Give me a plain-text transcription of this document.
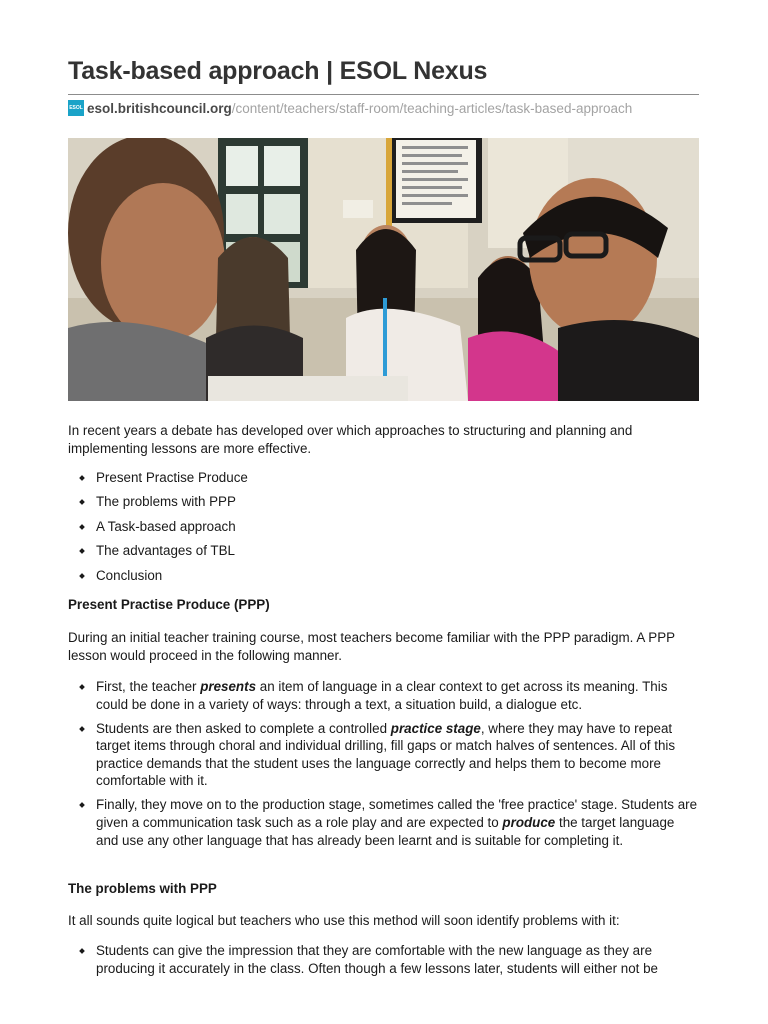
Task-based approach | ESOL Nexus
ESOL esol.britishcouncil.org /content/teachers/staff-room/teaching-articles/task-based-approach

In recent years a debate has developed over which approaches to structuring and planning and implementing lessons are more effective.

Present Practise Produce
The problems with PPP
A Task-based approach
The advantages of TBL
Conclusion
Present Practise Produce (PPP)

During an initial teacher training course, most teachers become familiar with the PPP paradigm. A PPP lesson would proceed in the following manner.

First, the teacher presents an item of language in a clear context to get across its meaning. This could be done in a variety of ways: through a text, a situation build, a dialogue etc.
Students are then asked to complete a controlled practice stage, where they may have to repeat target items through choral and individual drilling, fill gaps or match halves of sentences. All of this practice demands that the student uses the language correctly and helps them to become more comfortable with it.
Finally, they move on to the production stage, sometimes called the 'free practice' stage. Students are given a communication task such as a role play and are expected to produce the target language and use any other language that has already been learnt and is suitable for completing it.
The problems with PPP

It all sounds quite logical but teachers who use this method will soon identify problems with it:

Students can give the impression that they are comfortable with the new language as they are producing it accurately in the class. Often though a few lessons later, students will either not be
